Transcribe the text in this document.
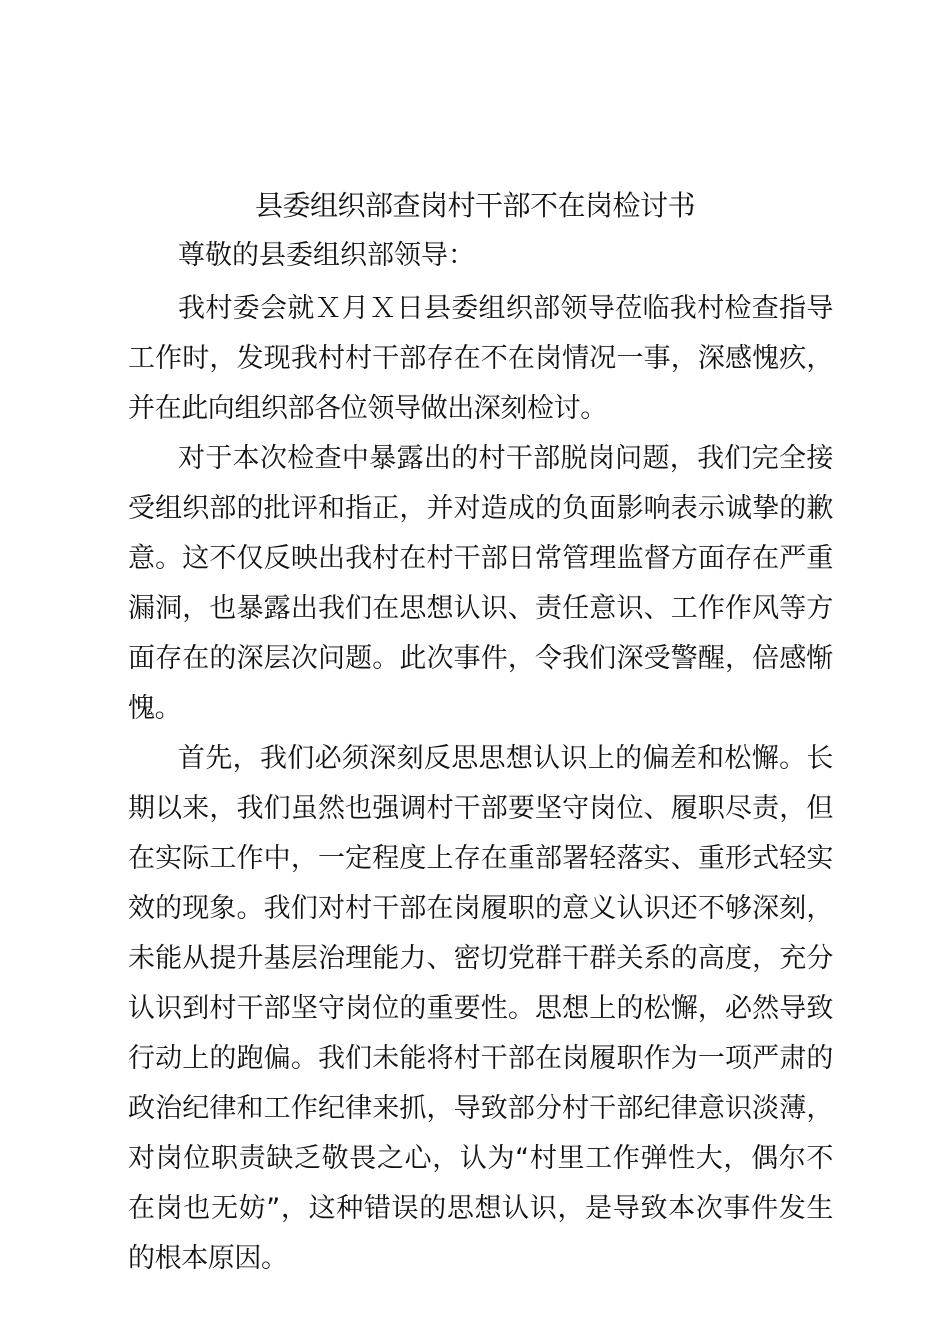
县委组织部查岗村干部不在岗检讨书

尊敬的县委组织部领导：

我村委会就Ｘ月Ｘ日县委组织部领导莅临我村检查指导工作时，发现我村村干部存在不在岗情况一事，深感愧疚，并在此向组织部各位领导做出深刻检讨。

对于本次检查中暴露出的村干部脱岗问题，我们完全接受组织部的批评和指正，并对造成的负面影响表示诚挚的歉意。这不仅反映出我村在村干部日常管理监督方面存在严重漏洞，也暴露出我们在思想认识、责任意识、工作作风等方面存在的深层次问题。此次事件，令我们深受警醒，倍感惭愧。

首先，我们必须深刻反思思想认识上的偏差和松懈。长期以来，我们虽然也强调村干部要坚守岗位、履职尽责，但在实际工作中，一定程度上存在重部署轻落实、重形式轻实效的现象。我们对村干部在岗履职的意义认识还不够深刻，未能从提升基层治理能力、密切党群干群关系的高度，充分认识到村干部坚守岗位的重要性。思想上的松懈，必然导致行动上的跑偏。我们未能将村干部在岗履职作为一项严肃的政治纪律和工作纪律来抓，导致部分村干部纪律意识淡薄，对岗位职责缺乏敬畏之心，认为“村里工作弹性大，偶尔不在岗也无妨”，这种错误的思想认识，是导致本次事件发生的根本原因。
